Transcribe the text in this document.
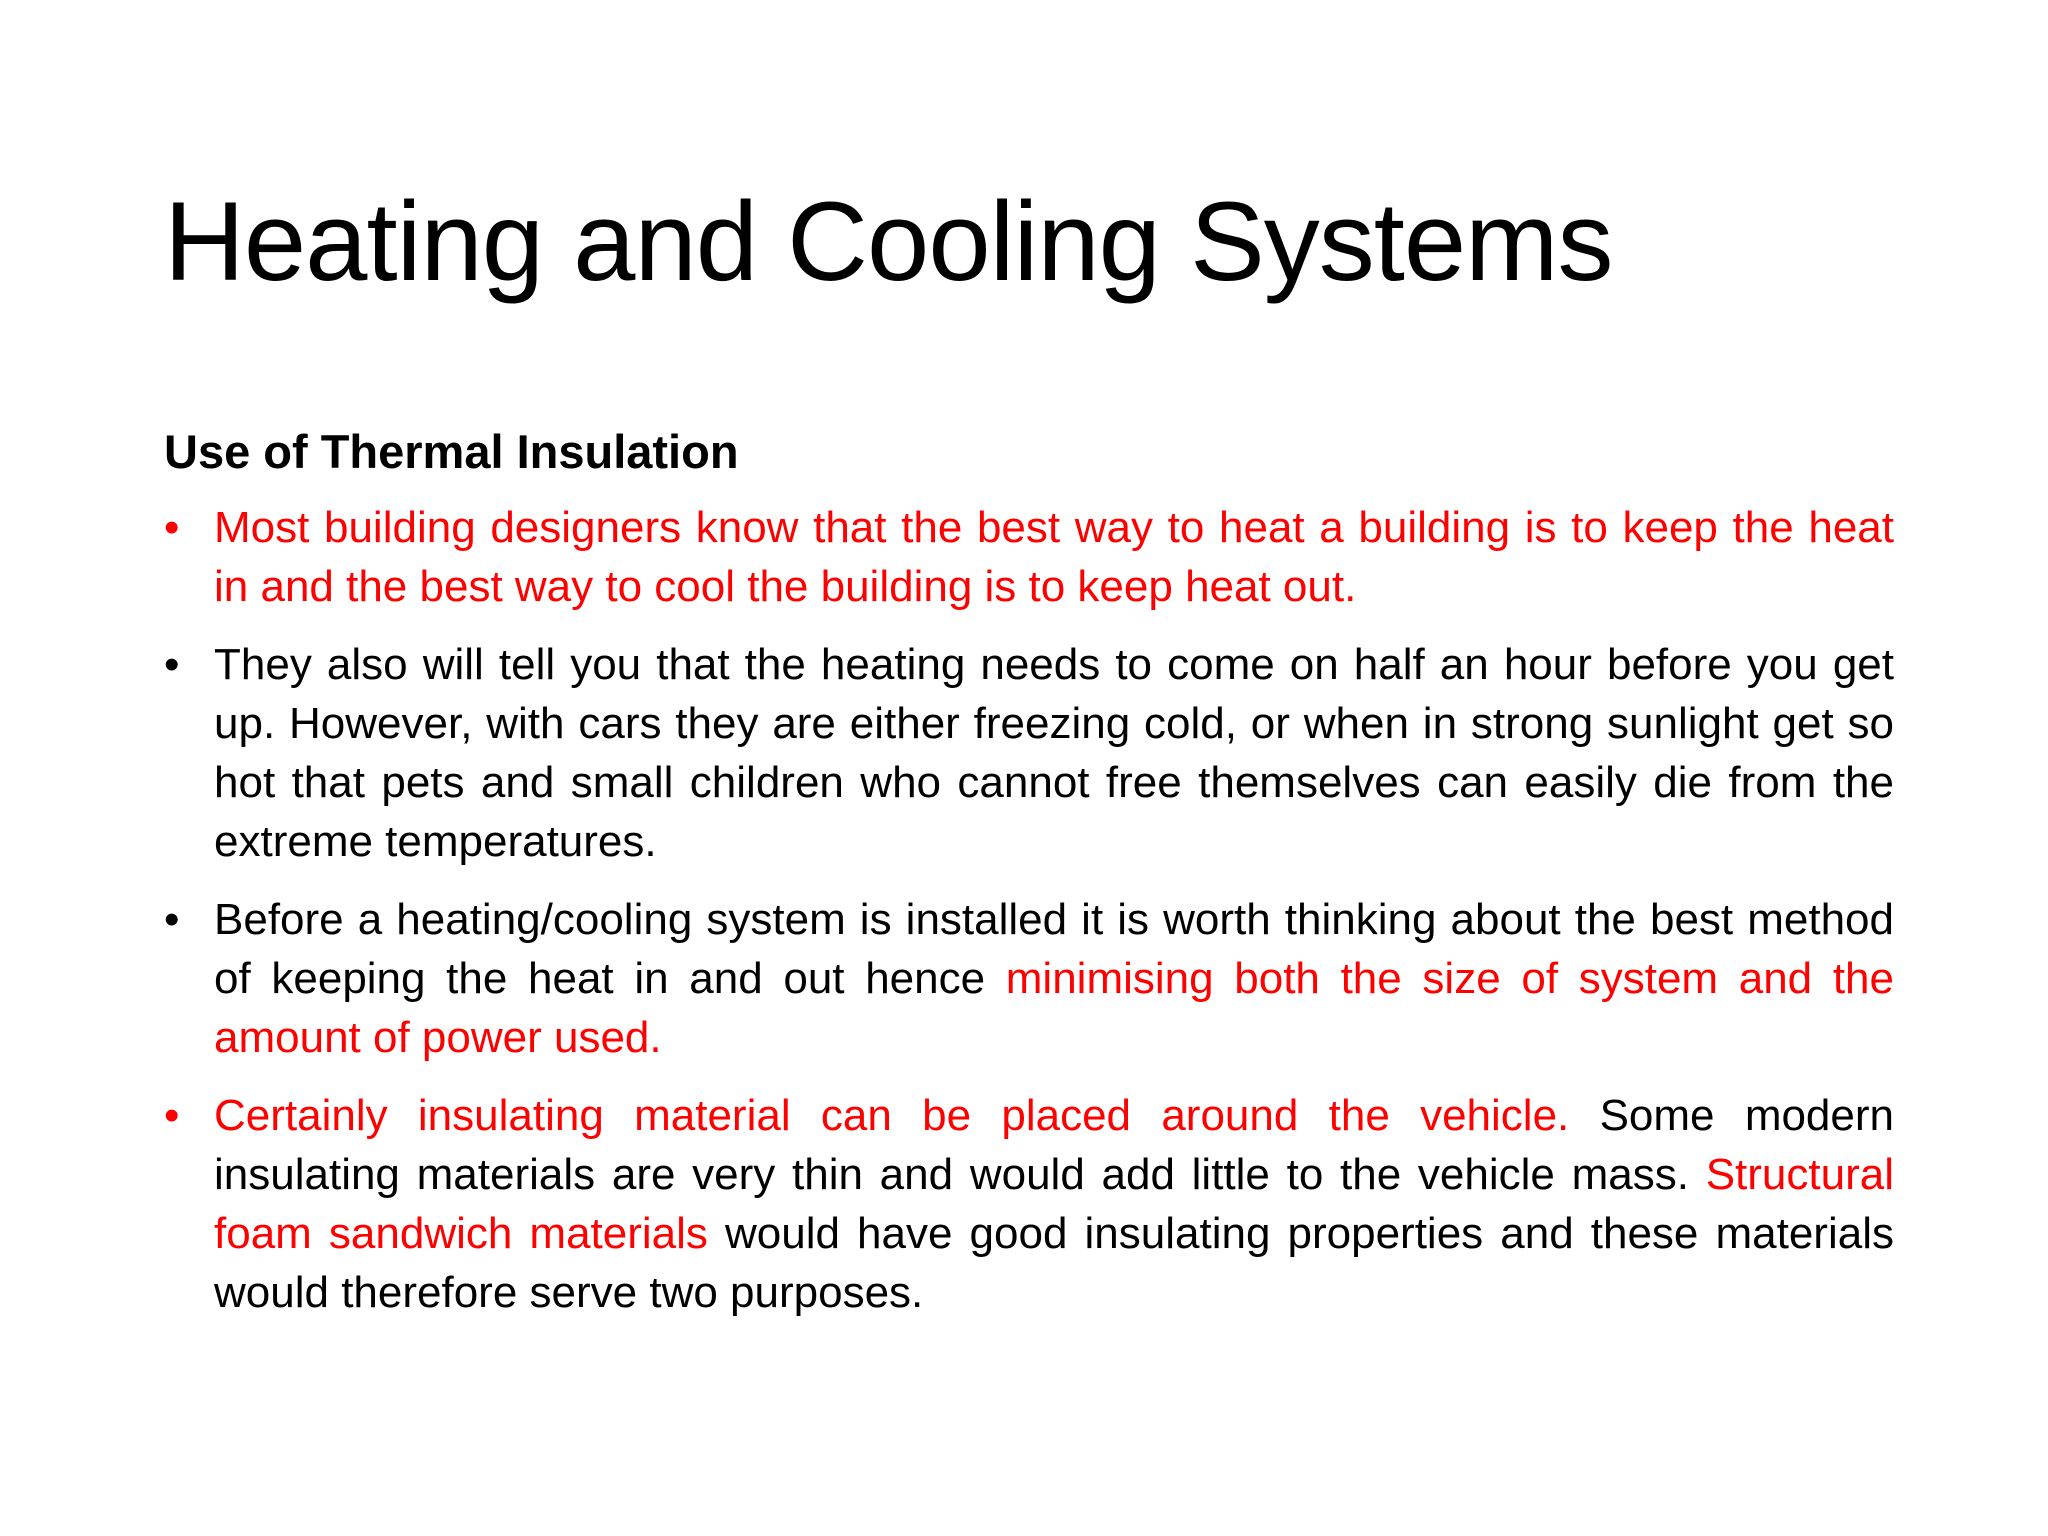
Heating and Cooling Systems
Use of Thermal Insulation
• Most building designers know that the best way to heat a building is to keep the heat in and the best way to cool the building is to keep heat out.
• They also will tell you that the heating needs to come on half an hour before you get up. However, with cars they are either freezing cold, or when in strong sunlight get so hot that pets and small children who cannot free themselves can easily die from the extreme temperatures.
• Before a heating/cooling system is installed it is worth thinking about the best method of keeping the heat in and out hence minimising both the size of system and the amount of power used.
• Certainly insulating material can be placed around the vehicle. Some modern insulating materials are very thin and would add little to the vehicle mass. Structural foam sandwich materials would have good insulating properties and these materials would therefore serve two purposes.
